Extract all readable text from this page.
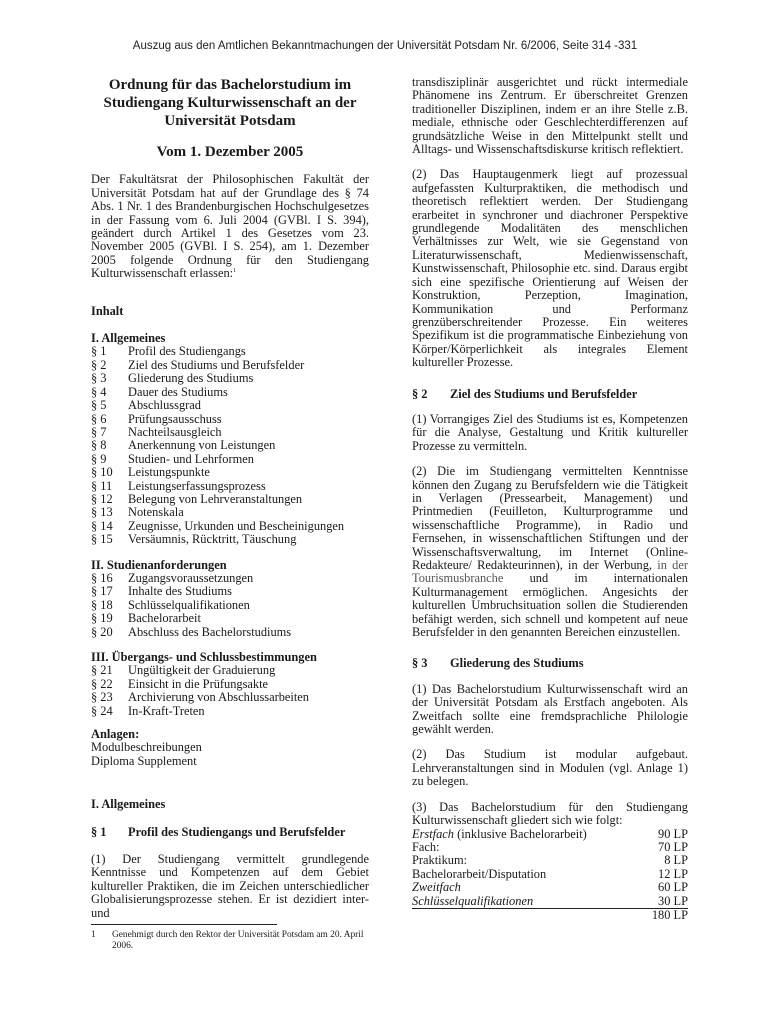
Auszug aus den Amtlichen Bekanntmachungen der Universität Potsdam Nr. 6/2006, Seite 314 -331

Ordnung für das Bachelorstudium im

Studiengang Kulturwissenschaft an der

Universität Potsdam

Vom 1. Dezember 2005

Der Fakultätsrat der Philosophischen Fakultät der Universität Potsdam hat auf der Grundlage des § 74 Abs. 1 Nr. 1 des Brandenburgischen Hochschulgesetzes in der Fassung vom 6. Juli 2004 (GVBl. I S. 394), geändert durch Artikel 1 des Gesetzes vom 23. November 2005 (GVBl. I S. 254), am 1. Dezember 2005 folgende Ordnung für den Studiengang Kulturwissenschaft erlassen:$^1$

Inhalt

I. Allgemeines

§ 1	Profil des Studiengangs
§ 2	Ziel des Studiums und Berufsfelder
§ 3	Gliederung des Studiums
§ 4	Dauer des Studiums
§ 5	Abschlussgrad
§ 6	Prüfungsausschuss
§ 7	Nachteilsausgleich
§ 8	Anerkennung von Leistungen
§ 9	Studien- und Lehrformen
§ 10	Leistungspunkte
§ 11	Leistungserfassungsprozess
§ 12	Belegung von Lehrveranstaltungen
§ 13	Notenskala
§ 14	Zeugnisse, Urkunden und Bescheinigungen
§ 15	Versäumnis, Rücktritt, Täuschung

II. Studienanforderungen

§ 16	Zugangsvoraussetzungen
§ 17	Inhalte des Studiums
§ 18	Schlüsselqualifikationen
§ 19	Bachelorarbeit
§ 20	Abschluss des Bachelorstudiums

III. Übergangs- und Schlussbestimmungen

§ 21	Ungültigkeit der Graduierung
§ 22	Einsicht in die Prüfungsakte
§ 23	Archivierung von Abschlussarbeiten
§ 24	In-Kraft-Treten

Anlagen:

Modulbeschreibungen

Diploma Supplement

I. Allgemeines

§ 1	Profil des Studiengangs und Berufsfelder

(1) Der Studiengang vermittelt grundlegende Kenntnisse und Kompetenzen auf dem Gebiet kultureller Praktiken, die im Zeichen unterschiedlicher Globalisierungsprozesse stehen. Er ist dezidiert inter- und

1	Genehmigt durch den Rektor der Universität Potsdam am 20. April 2006.

transdisziplinär ausgerichtet und rückt intermediale Phänomene ins Zentrum. Er überschreitet Grenzen traditioneller Disziplinen, indem er an ihre Stelle z.B. mediale, ethnische oder Geschlechterdifferenzen auf grundsätzliche Weise in den Mittelpunkt stellt und Alltags- und Wissenschaftsdiskurse kritisch reflektiert.

(2) Das Hauptaugenmerk liegt auf prozessual aufgefassten Kulturpraktiken, die methodisch und theoretisch reflektiert werden. Der Studiengang erarbeitet in synchroner und diachroner Perspektive grundlegende Modalitäten des menschlichen Verhältnisses zur Welt, wie sie Gegenstand von Literaturwissenschaft, Medienwissenschaft, Kunstwissenschaft, Philosophie etc. sind. Daraus ergibt sich eine spezifische Orientierung auf Weisen der Konstruktion, Perzeption, Imagination, Kommunikation und Performanz grenzüberschreitender Prozesse. Ein weiteres Spezifikum ist die programmatische Einbeziehung von Körper/Körperlichkeit als integrales Element kultureller Prozesse.

§ 2	Ziel des Studiums und Berufsfelder

(1) Vorrangiges Ziel des Studiums ist es, Kompetenzen für die Analyse, Gestaltung und Kritik kultureller Prozesse zu vermitteln.

(2) Die im Studiengang vermittelten Kenntnisse können den Zugang zu Berufsfeldern wie die Tätigkeit in Verlagen (Pressearbeit, Management) und Printmedien (Feuilleton, Kulturprogramme und wissenschaftliche Programme), in Radio und Fernsehen, in wissenschaftlichen Stiftungen und der Wissenschaftsverwaltung, im Internet (Online-Redakteure/ Redakteurinnen), in der Werbung, in der Tourismusbranche und im internationalen Kulturmanagement ermöglichen. Angesichts der kulturellen Umbruchsituation sollen die Studierenden befähigt werden, sich schnell und kompetent auf neue Berufsfelder in den genannten Bereichen einzustellen.

§ 3	Gliederung des Studiums

(1) Das Bachelorstudium Kulturwissenschaft wird an der Universität Potsdam als Erstfach angeboten. Als Zweitfach sollte eine fremdsprachliche Philologie gewählt werden.

(2) Das Studium ist modular aufgebaut. Lehrveranstaltungen sind in Modulen (vgl. Anlage 1) zu belegen.

(3) Das Bachelorstudium für den Studiengang Kulturwissenschaft gliedert sich wie folgt:

Erstfach (inklusive Bachelorarbeit)	90 LP
Fach:	70 LP
Praktikum:	8 LP
Bachelorarbeit/Disputation	12 LP
Zweitfach	60 LP
Schlüsselqualifikationen	30 LP
180 LP
